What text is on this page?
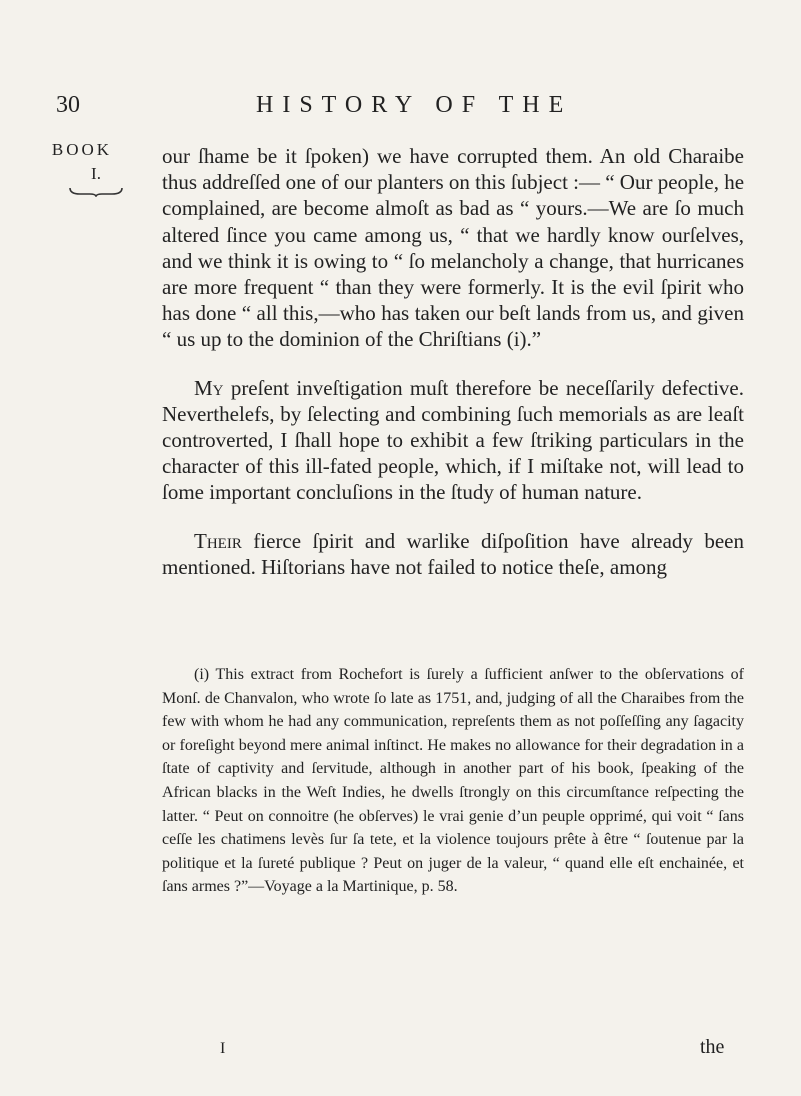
30	HISTORY OF THE
BOOK
I.

our ſhame be it ſpoken) we have corrupted them. An old Charaibe thus addreſſed one of our planters on this ſubject :— “ Our people, he complained, are become almoſt as bad as “ yours.—We are ſo much altered ſince you came among us, “ that we hardly know ourſelves, and we think it is owing to “ ſo melancholy a change, that hurricanes are more frequent “ than they were formerly. It is the evil ſpirit who has done “ all this,—who has taken our beſt lands from us, and given “ us up to the dominion of the Chriſtians (i).”

My preſent inveſtigation muſt therefore be neceſſarily defective. Neverthelefs, by ſelecting and combining ſuch memorials as are leaſt controverted, I ſhall hope to exhibit a few ſtriking particulars in the character of this ill-fated people, which, if I miſtake not, will lead to ſome important concluſions in the ſtudy of human nature.

Their fierce ſpirit and warlike diſpoſition have already been mentioned. Hiſtorians have not failed to notice theſe, among

(i) This extract from Rochefort is ſurely a ſufficient anſwer to the obſervations of Monſ. de Chanvalon, who wrote ſo late as 1751, and, judging of all the Charaibes from the few with whom he had any communication, repreſents them as not poſſeſſing any ſagacity or foreſight beyond mere animal inſtinct. He makes no allowance for their degradation in a ſtate of captivity and ſervitude, although in another part of his book, ſpeaking of the African blacks in the Weſt Indies, he dwells ſtrongly on this circumſtance reſpecting the latter. “ Peut on connoitre (he obſerves) le vrai genie d’un peuple opprimé, qui voit “ ſans ceſſe les chatimens levès ſur ſa tete, et la violence toujours prête à être “ ſoutenue par la politique et la ſureté publique ? Peut on juger de la valeur, “ quand elle eſt enchainée, et ſans armes ?”—Voyage a la Martinique, p. 58.

I	the
